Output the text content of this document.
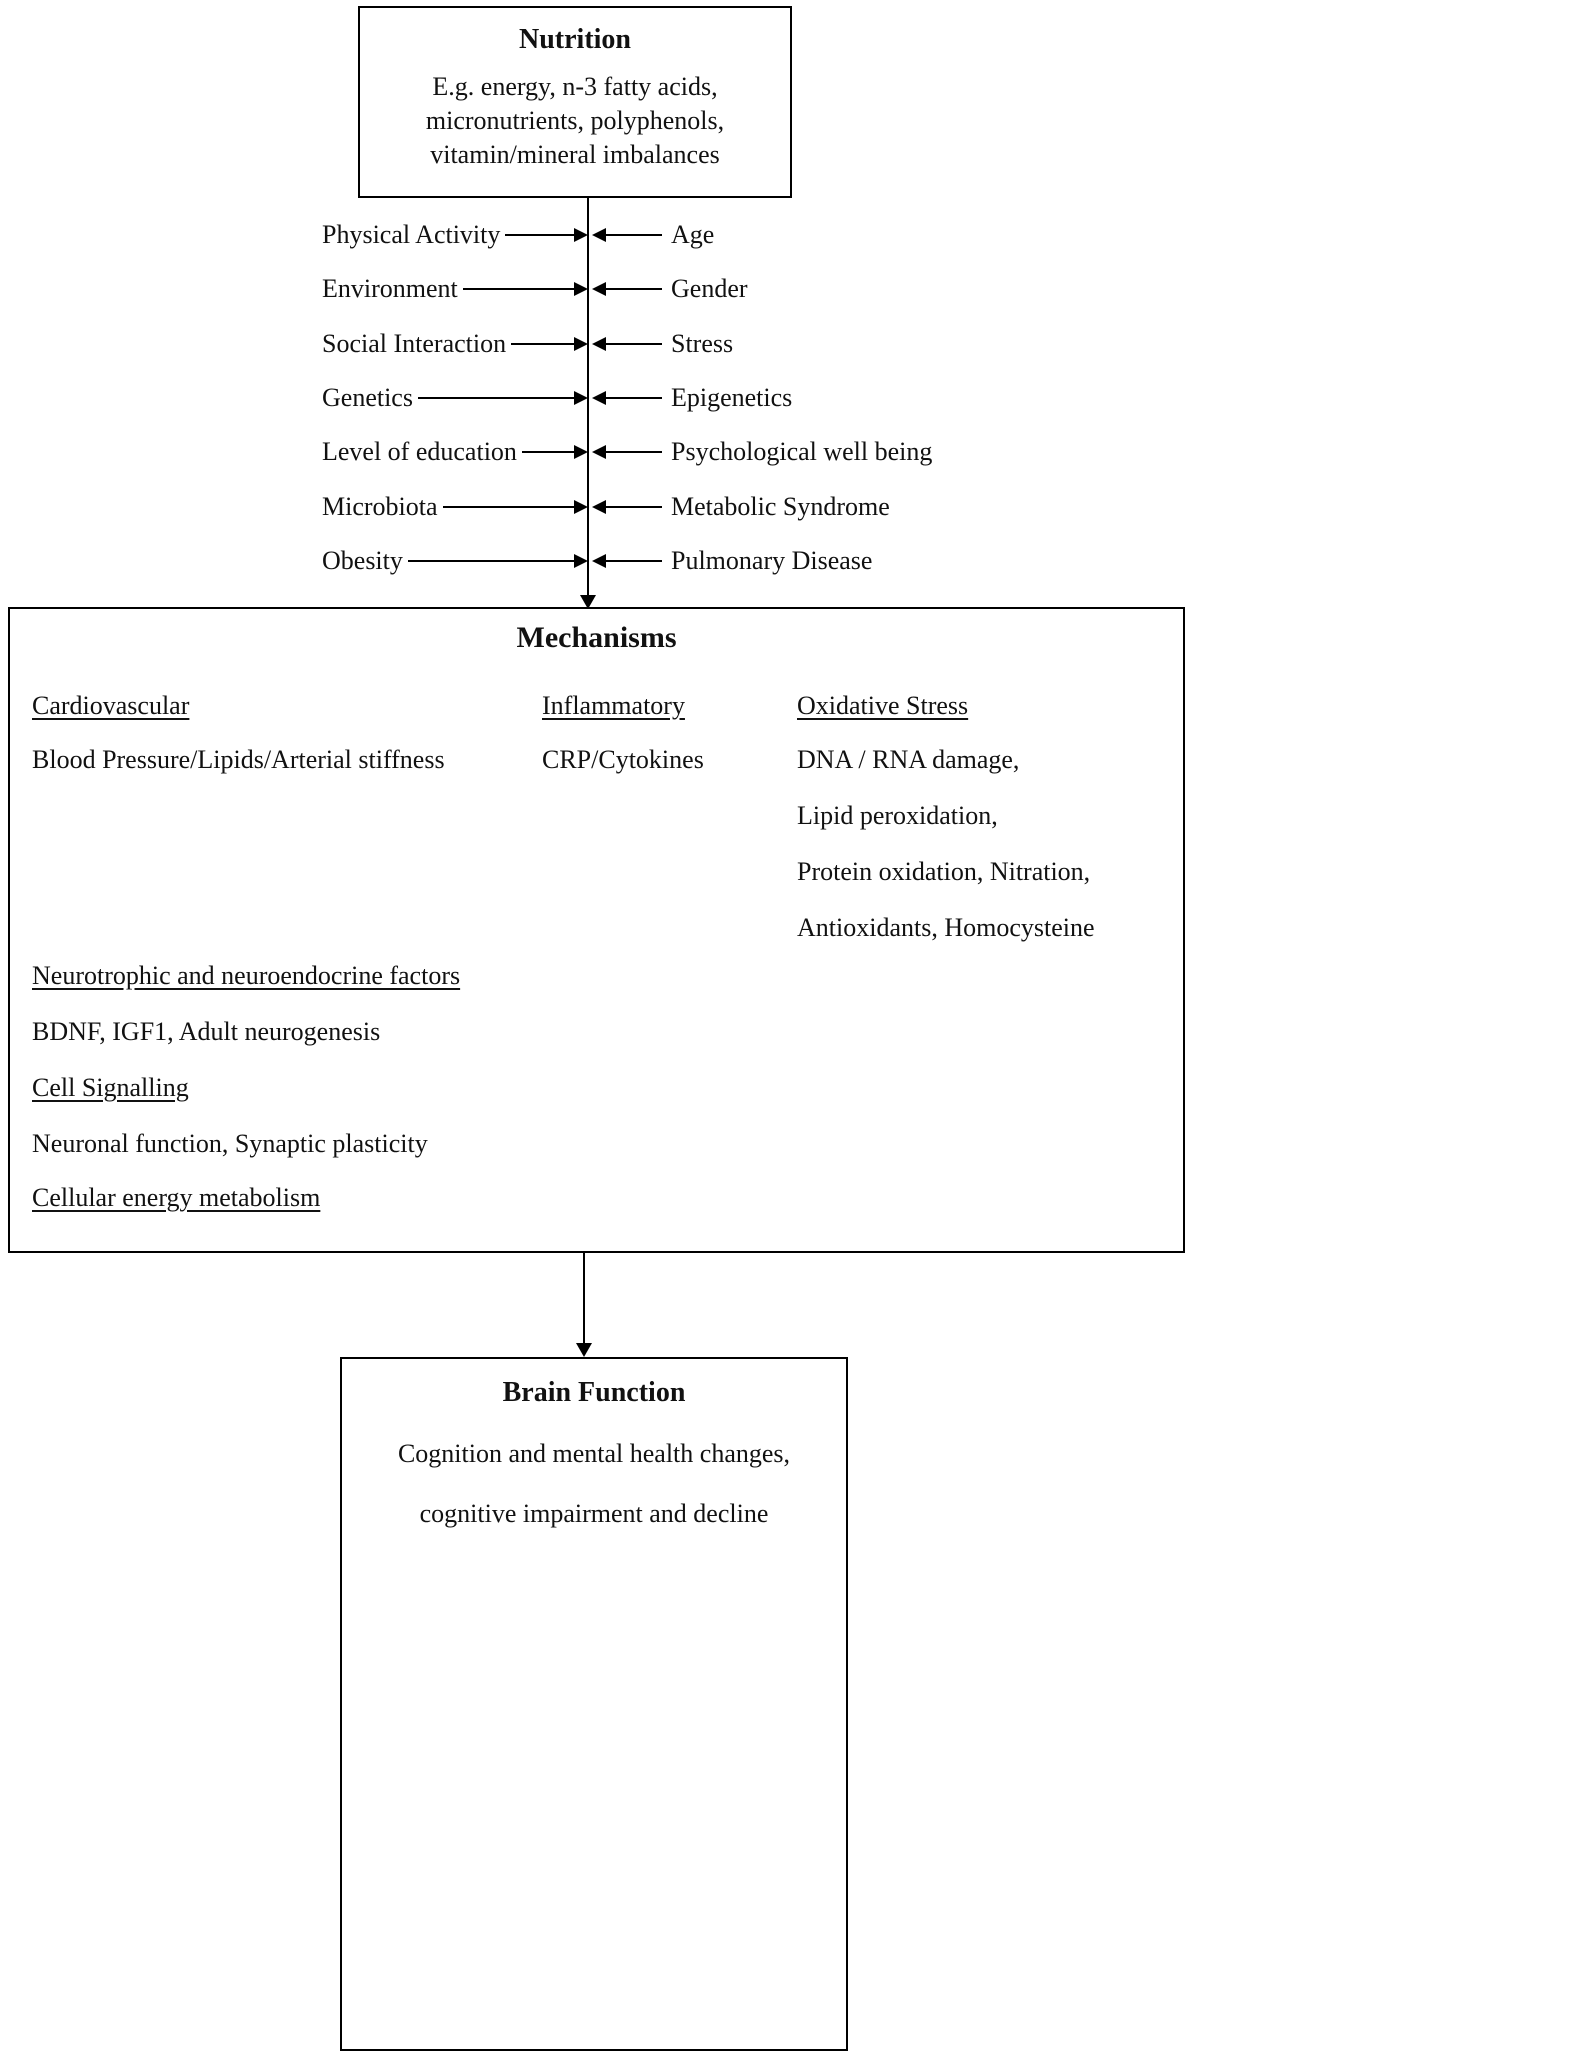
Nutrition
E.g. energy, n-3 fatty acids,
micronutrients, polyphenols,
vitamin/mineral imbalances
Physical Activity	Age
Environment	Gender
Social Interaction	Stress
Genetics	Epigenetics
Level of education	Psychological well being
Microbiota	Metabolic Syndrome
Obesity	Pulmonary Disease
Mechanisms
Cardiovascular
Blood Pressure/Lipids/Arterial stiffness
Inflammatory
CRP/Cytokines
Oxidative Stress
DNA / RNA damage,
Lipid peroxidation,
Protein oxidation, Nitration,
Antioxidants, Homocysteine
Neurotrophic and neuroendocrine factors
BDNF, IGF1, Adult neurogenesis
Cell Signalling
Neuronal function, Synaptic plasticity
Cellular energy metabolism
Brain Function
Cognition and mental health changes,
cognitive impairment and decline
